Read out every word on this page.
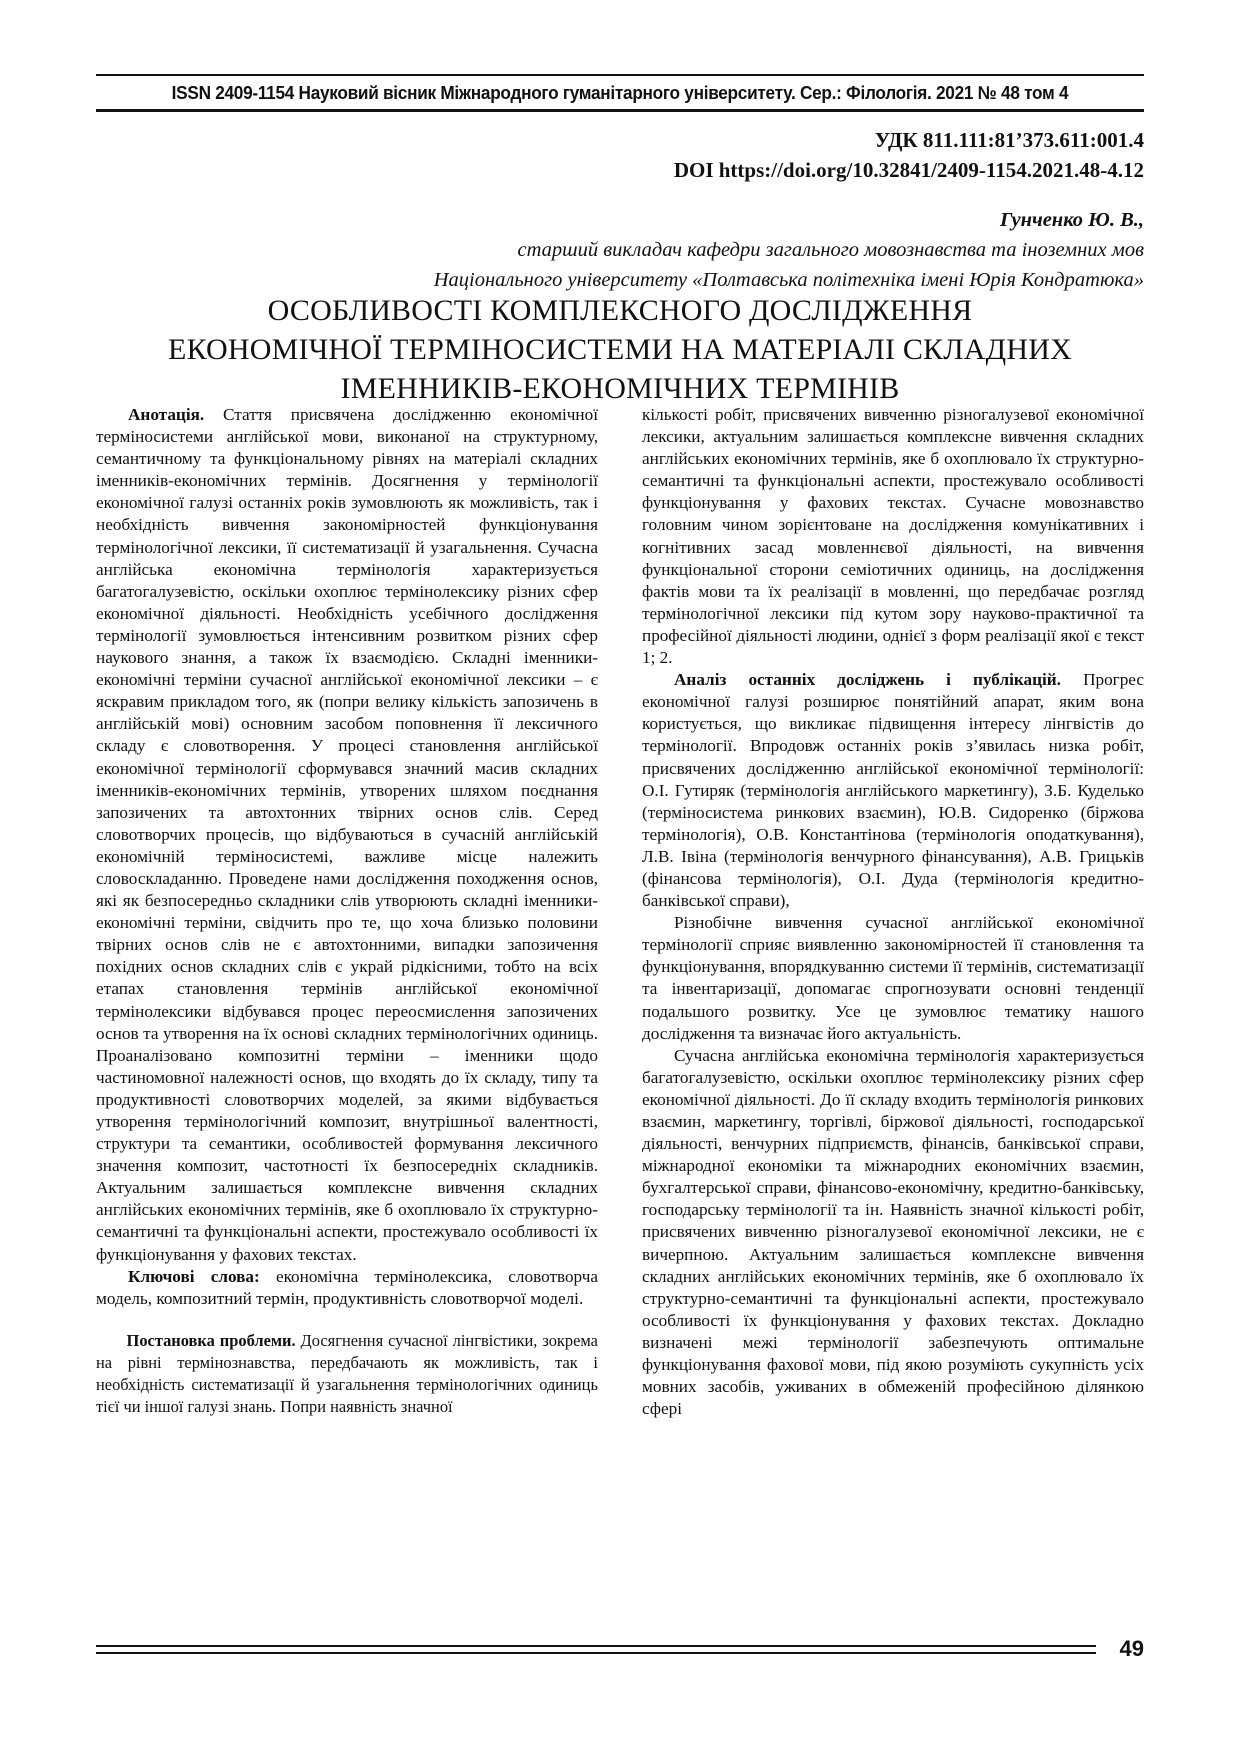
ISSN 2409-1154 Науковий вісник Міжнародного гуманітарного університету. Сер.: Філологія. 2021 № 48 том 4
УДК 811.111:81’373.611:001.4
DOI https://doi.org/10.32841/2409-1154.2021.48-4.12
Гунченко Ю. В.,
старший викладач кафедри загального мовознавства та іноземних мов
Національного університету «Полтавська політехніка імені Юрія Кондратюка»
ОСОБЛИВОСТІ КОМПЛЕКСНОГО ДОСЛІДЖЕННЯ
ЕКОНОМІЧНОЇ ТЕРМІНОСИСТЕМИ НА МАТЕРІАЛІ СКЛАДНИХ
ІМЕННИКІВ-ЕКОНОМІЧНИХ ТЕРМІНІВ

Анотація. Стаття присвячена дослідженню економічної терміносистеми англійської мови, виконаної на структурному, семантичному та функціональному рівнях на матеріалі складних іменників-економічних термінів. Досягнення у термінології економічної галузі останніх років зумовлюють як можливість, так і необхідність вивчення закономірностей функціонування термінологічної лексики, її систематизації й узагальнення. Сучасна англійська економічна термінологія характеризується багатогалузевістю, оскільки охоплює термінолексику різних сфер економічної діяльності. Необхідність усебічного дослідження термінології зумовлюється інтенсивним розвитком різних сфер наукового знання, а також їх взаємодією. Складні іменники-економічні терміни сучасної англійської економічної лексики – є яскравим прикладом того, як (попри велику кількість запозичень в англійській мові) основним засобом поповнення її лексичного складу є словотворення. У процесі становлення англійської економічної термінології сформувався значний масив складних іменників-економічних термінів, утворених шляхом поєднання запозичених та автохтонних твірних основ слів. Серед словотворчих процесів, що відбуваються в сучасній англійській економічній терміносистемі, важливе місце належить словоскладанню. Проведене нами дослідження походження основ, які як безпосередньо складники слів утворюють складні іменники-економічні терміни, свідчить про те, що хоча близько половини твірних основ слів не є автохтонними, випадки запозичення похідних основ складних слів є украй рідкісними, тобто на всіх етапах становлення термінів англійської економічної термінолексики відбувався процес переосмислення запозичених основ та утворення на їх основі складних термінологічних одиниць. Проаналізовано композитні терміни – іменники щодо частиномовної належності основ, що входять до їх складу, типу та продуктивності словотворчих моделей, за якими відбувається утворення термінологічний композит, внутрішньої валентності, структури та семантики, особливостей формування лексичного значення композит, частотності їх безпосередніх складників. Актуальним залишається комплексне вивчення складних англійських економічних термінів, яке б охоплювало їх структурно-семантичні та функціональні аспекти, простежувало особливості їх функціонування у фахових текстах.

Ключові слова: економічна термінолексика, словотворча модель, композитний термін, продуктивність словотворчої моделі.

Постановка проблеми. Досягнення сучасної лінгвістики, зокрема на рівні термінознавства, передбачають як можливість, так і необхідність систематизації й узагальнення термінологічних одиниць тієї чи іншої галузі знань. Попри наявність значної

кількості робіт, присвячених вивченню різногалузевої економічної лексики, актуальним залишається комплексне вивчення складних англійських економічних термінів, яке б охоплювало їх структурно-семантичні та функціональні аспекти, простежувало особливості функціонування у фахових текстах. Сучасне мовознавство головним чином зорієнтоване на дослідження комунікативних і когнітивних засад мовленнєвої діяльності, на вивчення функціональної сторони семіотичних одиниць, на дослідження фактів мови та їх реалізації в мовленні, що передбачає розгляд термінологічної лексики під кутом зору науково-практичної та професійної діяльності людини, однієї з форм реалізації якої є текст 1; 2.

Аналіз останніх досліджень і публікацій. Прогрес економічної галузі розширює понятійний апарат, яким вона користується, що викликає підвищення інтересу лінгвістів до термінології. Впродовж останніх років з’явилась низка робіт, присвячених дослідженню англійської економічної термінології: О.І. Гутиряк (термінологія англійського маркетингу), З.Б. Куделько (терміносистема ринкових взаємин), Ю.В. Сидоренко (біржова термінологія), О.В. Константінова (термінологія оподаткування), Л.В. Івіна (термінологія венчурного фінансування), А.В. Грицьків (фінансова термінологія), О.І. Дуда (термінологія кредитно-банківської справи),

Різнобічне вивчення сучасної англійської економічної термінології сприяє виявленню закономірностей її становлення та функціонування, впорядкуванню системи її термінів, систематизації та інвентаризації, допомагає спрогнозувати основні тенденції подальшого розвитку. Усе це зумовлює тематику нашого дослідження та визначає його актуальність.

Сучасна англійська економічна термінологія характеризується багатогалузевістю, оскільки охоплює термінолексику різних сфер економічної діяльності. До її складу входить термінологія ринкових взаємин, маркетингу, торгівлі, біржової діяльності, господарської діяльності, венчурних підприємств, фінансів, банківської справи, міжнародної економіки та міжнародних економічних взаємин, бухгалтерської справи, фінансово-економічну, кредитно-банківську, господарську термінології та ін. Наявність значної кількості робіт, присвячених вивченню різногалузевої економічної лексики, не є вичерпною. Актуальним залишається комплексне вивчення складних англійських економічних термінів, яке б охоплювало їх структурно-семантичні та функціональні аспекти, простежувало особливості їх функціонування у фахових текстах. Докладно визначені межі термінології забезпечують оптимальне функціонування фахової мови, під якою розуміють сукупність усіх мовних засобів, уживаних в обмеженій професійною ділянкою сфері

49
